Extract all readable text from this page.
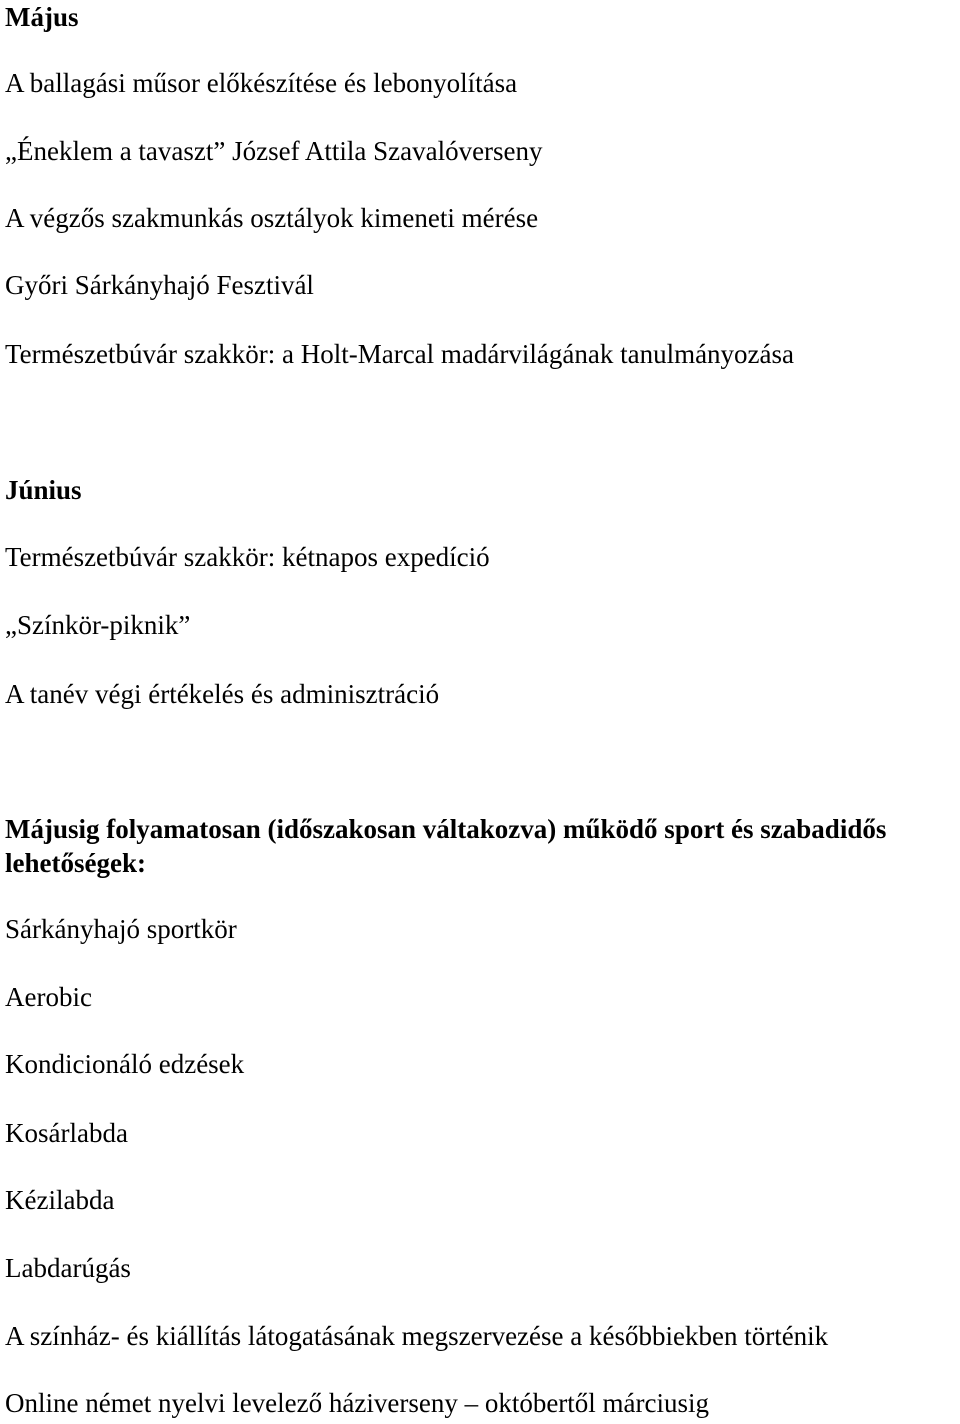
Május
A ballagási műsor előkészítése és lebonyolítása
„Éneklem a tavaszt” József Attila Szavalóverseny
A végzős szakmunkás osztályok kimeneti mérése
Győri Sárkányhajó Fesztivál
Természetbúvár szakkör: a Holt-Marcal madárvilágának tanulmányozása
Június
Természetbúvár szakkör: kétnapos expedíció
„Színkör-piknik”
A tanév végi értékelés és adminisztráció
Májusig folyamatosan (időszakosan váltakozva) működő sport és szabadidős
lehetőségek:
Sárkányhajó sportkör
Aerobic
Kondicionáló edzések
Kosárlabda
Kézilabda
Labdarúgás
A színház- és kiállítás látogatásának megszervezése a későbbiekben történik
Online német nyelvi levelező háziverseny – októbertől márciusig
